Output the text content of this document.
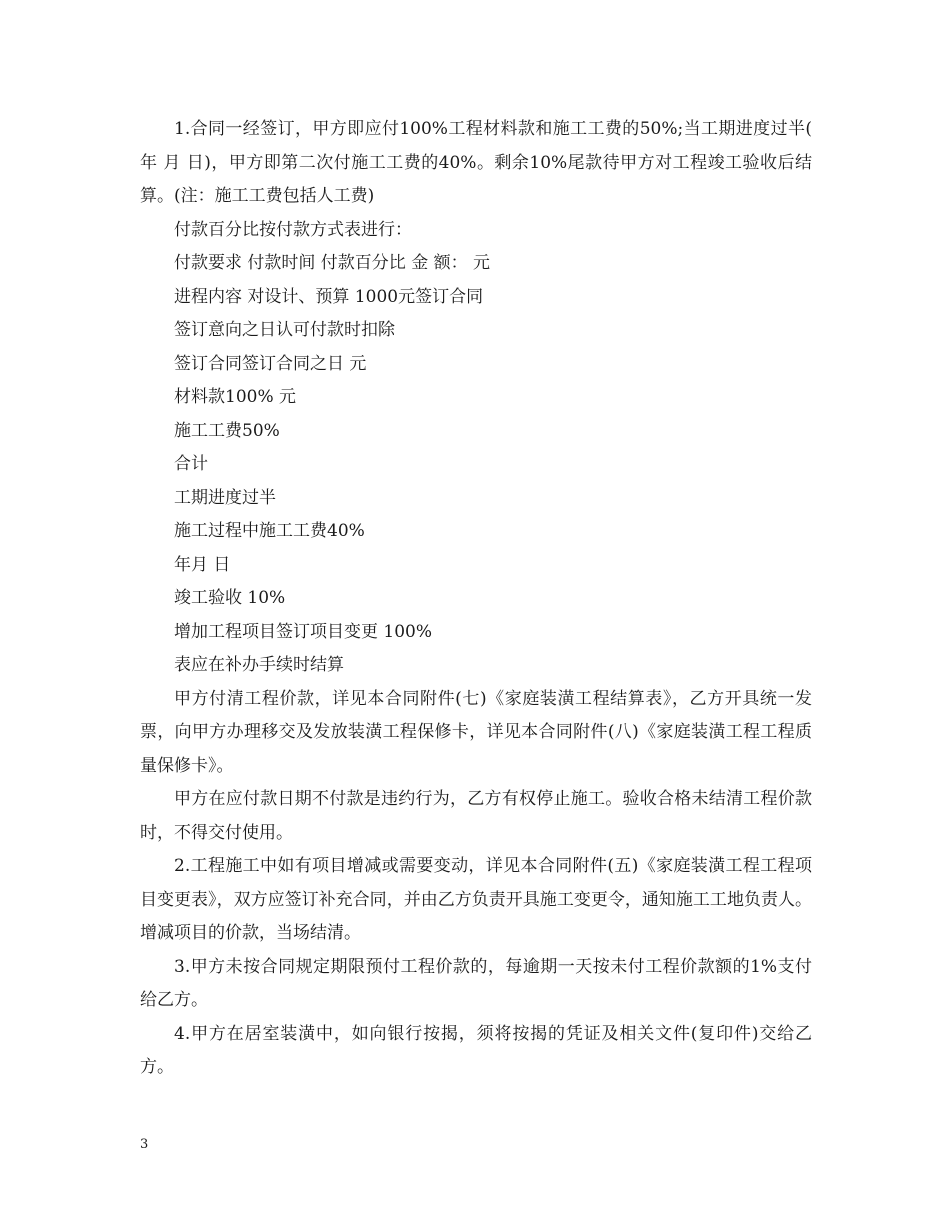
1.合同一经签订，甲方即应付100%工程材料款和施工工费的50%;当工期进度过半( 年 月 日)，甲方即第二次付施工工费的40%。剩余10%尾款待甲方对工程竣工验收后结算。(注：施工工费包括人工费)

付款百分比按付款方式表进行：

付款要求 付款时间 付款百分比 金 额： 元

进程内容 对设计、预算 1000元签订合同

签订意向之日认可付款时扣除

签订合同签订合同之日 元

材料款100% 元

施工工费50%

合计

工期进度过半

施工过程中施工工费40%

年月 日

竣工验收 10%

增加工程项目签订项目变更 100%

表应在补办手续时结算

甲方付清工程价款，详见本合同附件(七)《家庭装潢工程结算表》，乙方开具统一发票，向甲方办理移交及发放装潢工程保修卡，详见本合同附件(八)《家庭装潢工程工程质量保修卡》。

甲方在应付款日期不付款是违约行为，乙方有权停止施工。验收合格未结清工程价款时，不得交付使用。

2.工程施工中如有项目增减或需要变动，详见本合同附件(五)《家庭装潢工程工程项目变更表》，双方应签订补充合同，并由乙方负责开具施工变更令，通知施工工地负责人。增减项目的价款，当场结清。

3.甲方未按合同规定期限预付工程价款的，每逾期一天按未付工程价款额的1%支付给乙方。

4.甲方在居室装潢中，如向银行按揭，须将按揭的凭证及相关文件(复印件)交给乙方。

3
